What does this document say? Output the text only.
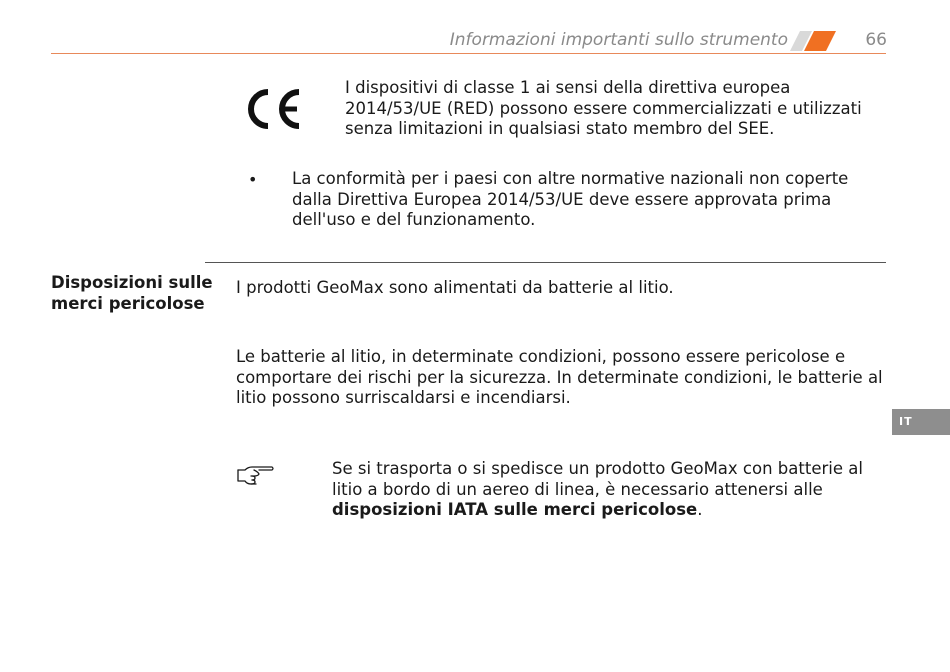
Informazioni importanti sullo strumento	66
I dispositivi di classe 1 ai sensi della direttiva europea 2014/53/UE (RED) possono essere commercializzati e utilizzati senza limitazioni in qualsiasi stato membro del SEE.
• La conformità per i paesi con altre normative nazionali non coperte dalla Direttiva Europea 2014/53/UE deve essere approvata prima dell'uso e del funzionamento.
Disposizioni sulle merci pericolose
I prodotti GeoMax sono alimentati da batterie al litio.
Le batterie al litio, in determinate condizioni, possono essere pericolose e comportare dei rischi per la sicurezza. In determinate condizioni, le batterie al litio possono surriscaldarsi e incendiarsi.
IT
Se si trasporta o si spedisce un prodotto GeoMax con batterie al litio a bordo di un aereo di linea, è necessario attenersi alle disposizioni IATA sulle merci pericolose.
